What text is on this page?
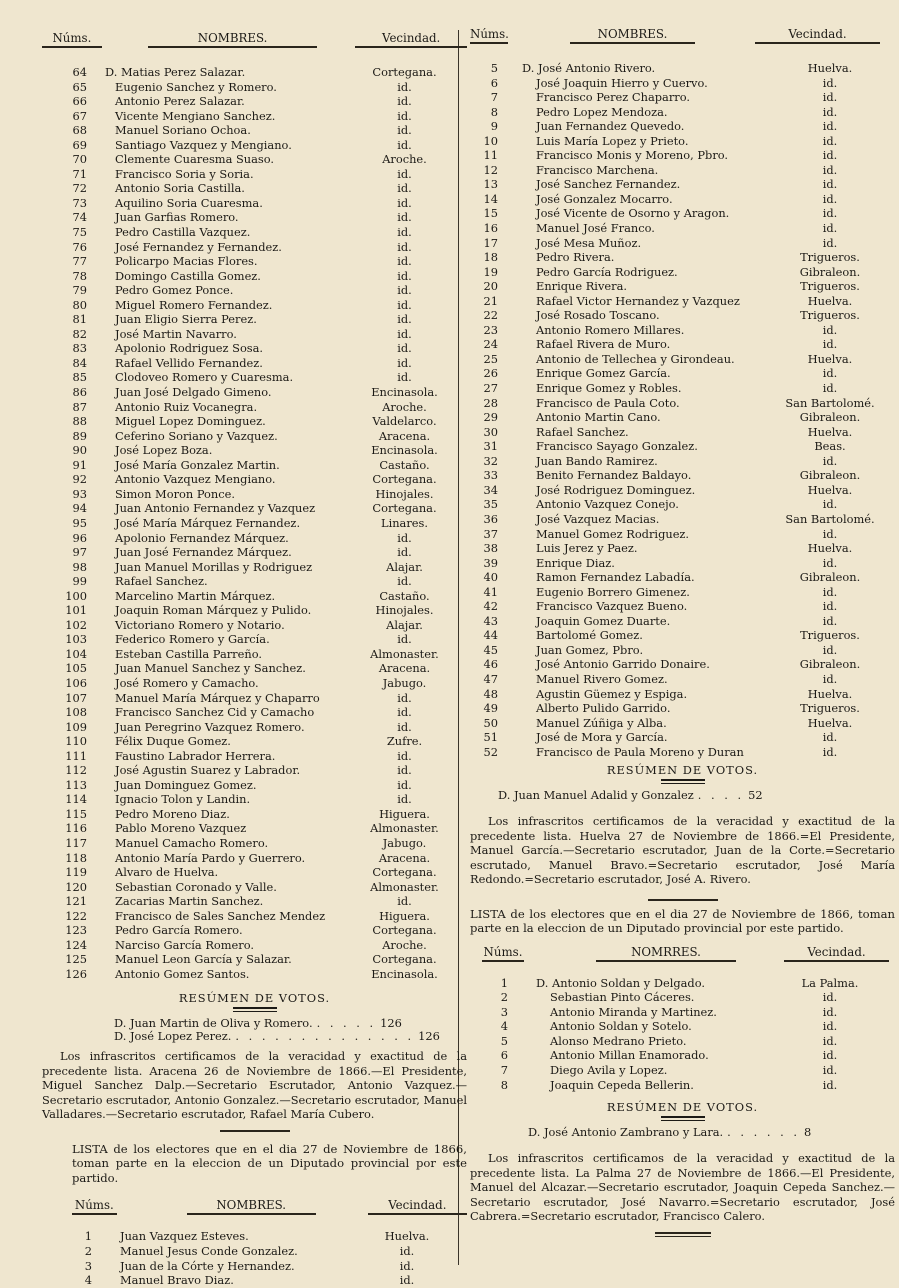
Núms.	NOMBRES.	Vecindad.
64	D. Matias Perez Salazar.	Cortegana.
65	Eugenio Sanchez y Romero.	id.
66	Antonio Perez Salazar.	id.
67	Vicente Mengiano Sanchez.	id.
68	Manuel Soriano Ochoa.	id.
69	Santiago Vazquez y Mengiano.	id.
70	Clemente Cuaresma Suaso.	Aroche.
71	Francisco Soria y Soria.	id.
72	Antonio Soria Castilla.	id.
73	Aquilino Soria Cuaresma.	id.
74	Juan Garfias Romero.	id.
75	Pedro Castilla Vazquez.	id.
76	José Fernandez y Fernandez.	id.
77	Policarpo Macias Flores.	id.
78	Domingo Castilla Gomez.	id.
79	Pedro Gomez Ponce.	id.
80	Miguel Romero Fernandez.	id.
81	Juan Eligio Sierra Perez.	id.
82	José Martin Navarro.	id.
83	Apolonio Rodriguez Sosa.	id.
84	Rafael Vellido Fernandez.	id.
85	Clodoveo Romero y Cuaresma.	id.
86	Juan José Delgado Gimeno.	Encinasola.
87	Antonio Ruiz Vocanegra.	Aroche.
88	Miguel Lopez Dominguez.	Valdelarco.
89	Ceferino Soriano y Vazquez.	Aracena.
90	José Lopez Boza.	Encinasola.
91	José María Gonzalez Martin.	Castaño.
92	Antonio Vazquez Mengiano.	Cortegana.
93	Simon Moron Ponce.	Hinojales.
94	Juan Antonio Fernandez y Vazquez	Cortegana.
95	José María Márquez Fernandez.	Linares.
96	Apolonio Fernandez Márquez.	id.
97	Juan José Fernandez Márquez.	id.
98	Juan Manuel Morillas y Rodriguez	Alajar.
99	Rafael Sanchez.	id.
100	Marcelino Martin Márquez.	Castaño.
101	Joaquin Roman Márquez y Pulido.	Hinojales.
102	Victoriano Romero y Notario.	Alajar.
103	Federico Romero y García.	id.
104	Esteban Castilla Parreño.	Almonaster.
105	Juan Manuel Sanchez y Sanchez.	Aracena.
106	José Romero y Camacho.	Jabugo.
107	Manuel María Márquez y Chaparro	id.
108	Francisco Sanchez Cid y Camacho	id.
109	Juan Peregrino Vazquez Romero.	id.
110	Félix Duque Gomez.	Zufre.
111	Faustino Labrador Herrera.	id.
112	José Agustin Suarez y Labrador.	id.
113	Juan Dominguez Gomez.	id.
114	Ignacio Tolon y Landin.	id.
115	Pedro Moreno Diaz.	Higuera.
116	Pablo Moreno Vazquez	Almonaster.
117	Manuel Camacho Romero.	Jabugo.
118	Antonio María Pardo y Guerrero.	Aracena.
119	Alvaro de Huelva.	Cortegana.
120	Sebastian Coronado y Valle.	Almonaster.
121	Zacarias Martin Sanchez.	id.
122	Francisco de Sales Sanchez Mendez	Higuera.
123	Pedro García Romero.	Cortegana.
124	Narciso García Romero.	Aroche.
125	Manuel Leon García y Salazar.	Cortegana.
126	Antonio Gomez Santos.	Encinasola.
RESÚMEN DE VOTOS.
D. Juan Martin de Oliva y Romero. . . . . . 126
D. José Lopez Perez. . . . . . . . . . . . . . . 126
Los infrascritos certificamos de la veracidad y exactitud de la precedente lista. Aracena 26 de Noviembre de 1866.—El Presidente, Miguel Sanchez Dalp.—Secretario Escrutador, Antonio Vazquez.—Secretario escrutador, Antonio Gonzalez.—Secretario escrutador, Manuel Valladares.—Secretario escrutador, Rafael María Cubero.
LISTA de los electores que en el dia 27 de Noviembre de 1866, toman parte en la eleccion de un Diputado provincial por este partido.
Núms.	NOMBRES.	Vecindad.
1	Juan Vazquez Esteves.	Huelva.
2	Manuel Jesus Conde Gonzalez.	id.
3	Juan de la Córte y Hernandez.	id.
4	Manuel Bravo Diaz.	id.
Núms.	NOMBRES.	Vecindad.
5	D. José Antonio Rivero.	Huelva.
6	José Joaquin Hierro y Cuervo.	id.
7	Francisco Perez Chaparro.	id.
8	Pedro Lopez Mendoza.	id.
9	Juan Fernandez Quevedo.	id.
10	Luis María Lopez y Prieto.	id.
11	Francisco Monis y Moreno, Pbro.	id.
12	Francisco Marchena.	id.
13	José Sanchez Fernandez.	id.
14	José Gonzalez Mocarro.	id.
15	José Vicente de Osorno y Aragon.	id.
16	Manuel José Franco.	id.
17	José Mesa Muñoz.	id.
18	Pedro Rivera.	Trigueros.
19	Pedro García Rodriguez.	Gibraleon.
20	Enrique Rivera.	Trigueros.
21	Rafael Victor Hernandez y Vazquez	Huelva.
22	José Rosado Toscano.	Trigueros.
23	Antonio Romero Millares.	id.
24	Rafael Rivera de Muro.	id.
25	Antonio de Tellechea y Girondeau.	Huelva.
26	Enrique Gomez García.	id.
27	Enrique Gomez y Robles.	id.
28	Francisco de Paula Coto.	San Bartolomé.
29	Antonio Martin Cano.	Gibraleon.
30	Rafael Sanchez.	Huelva.
31	Francisco Sayago Gonzalez.	Beas.
32	Juan Bando Ramirez.	id.
33	Benito Fernandez Baldayo.	Gibraleon.
34	José Rodriguez Dominguez.	Huelva.
35	Antonio Vazquez Conejo.	id.
36	José Vazquez Macias.	San Bartolomé.
37	Manuel Gomez Rodriguez.	id.
38	Luis Jerez y Paez.	Huelva.
39	Enrique Diaz.	id.
40	Ramon Fernandez Labadía.	Gibraleon.
41	Eugenio Borrero Gimenez.	id.
42	Francisco Vazquez Bueno.	id.
43	Joaquin Gomez Duarte.	id.
44	Bartolomé Gomez.	Trigueros.
45	Juan Gomez, Pbro.	id.
46	José Antonio Garrido Donaire.	Gibraleon.
47	Manuel Rivero Gomez.	id.
48	Agustin Güemez y Espiga.	Huelva.
49	Alberto Pulido Garrido.	Trigueros.
50	Manuel Zúñiga y Alba.	Huelva.
51	José de Mora y García.	id.
52	Francisco de Paula Moreno y Duran	id.
RESÚMEN DE VOTOS.
D. Juan Manuel Adalid y Gonzalez . . . . 52
Los infrascritos certificamos de la veracidad y exactitud de la precedente lista. Huelva 27 de Noviembre de 1866.=El Presidente, Manuel García.—Secretario escrutador, Juan de la Corte.=Secretario escrutado, Manuel Bravo.=Secretario escrutador, José María Redondo.=Secretario escrutador, José A. Rivero.
LISTA de los electores que en el dia 27 de Noviembre de 1866, toman parte en la eleccion de un Diputado provincial por este partido.
Núms.	NOMRRES.	Vecindad.
1	D. Antonio Soldan y Delgado.	La Palma.
2	Sebastian Pinto Cáceres.	id.
3	Antonio Miranda y Martinez.	id.
4	Antonio Soldan y Sotelo.	id.
5	Alonso Medrano Prieto.	id.
6	Antonio Millan Enamorado.	id.
7	Diego Avila y Lopez.	id.
8	Joaquin Cepeda Bellerin.	id.
RESÚMEN DE VOTOS.
D. José Antonio Zambrano y Lara. . . . . . . 8
Los infrascritos certificamos de la veracidad y exactitud de la precedente lista. La Palma 27 de Noviembre de 1866.—El Presidente, Manuel del Alcazar.—Secretario escrutador, Joaquin Cepeda Sanchez.—Secretario escrutador, José Navarro.=Secretario escrutador, José Cabrera.=Secretario escrutador, Francisco Calero.
